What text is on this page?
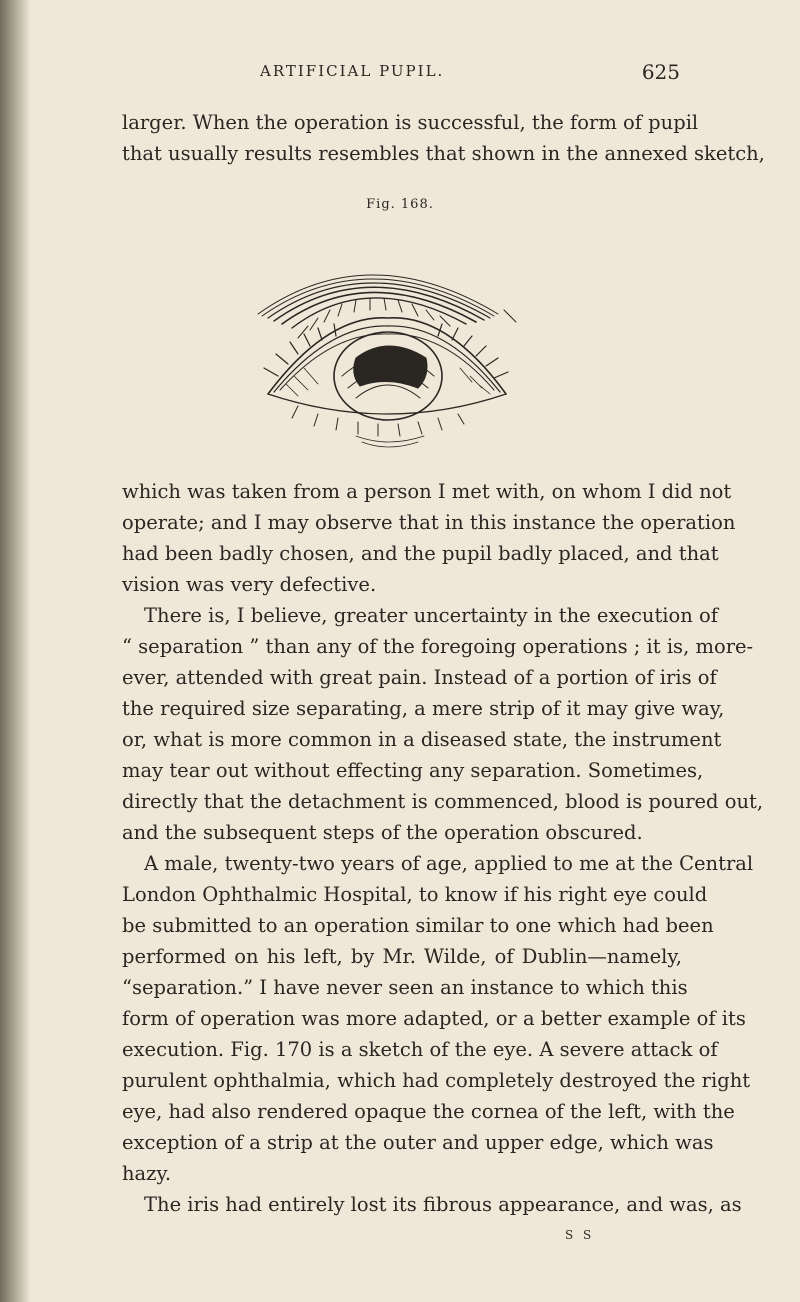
ARTIFICIAL PUPIL.	625
larger. When the operation is successful, the form of pupil
that usually results resembles that shown in the annexed sketch,
Fig. 168.
which was taken from a person I met with, on whom I did not
operate; and I may observe that in this instance the operation
had been badly chosen, and the pupil badly placed, and that
vision was very defective.
There is, I believe, greater uncertainty in the execution of
“ separation ” than any of the foregoing operations ; it is, more-
ever, attended with great pain. Instead of a portion of iris of
the required size separating, a mere strip of it may give way,
or, what is more common in a diseased state, the instrument
may tear out without effecting any separation. Sometimes,
directly that the detachment is commenced, blood is poured out,
and the subsequent steps of the operation obscured.
A male, twenty-two years of age, applied to me at the Central
London Ophthalmic Hospital, to know if his right eye could
be submitted to an operation similar to one which had been
performed on his left, by Mr. Wilde, of Dublin—namely,
“separation.” I have never seen an instance to which this
form of operation was more adapted, or a better example of its
execution. Fig. 170 is a sketch of the eye. A severe attack of
purulent ophthalmia, which had completely destroyed the right
eye, had also rendered opaque the cornea of the left, with the
exception of a strip at the outer and upper edge, which was
hazy.
The iris had entirely lost its fibrous appearance, and was, as
S S
